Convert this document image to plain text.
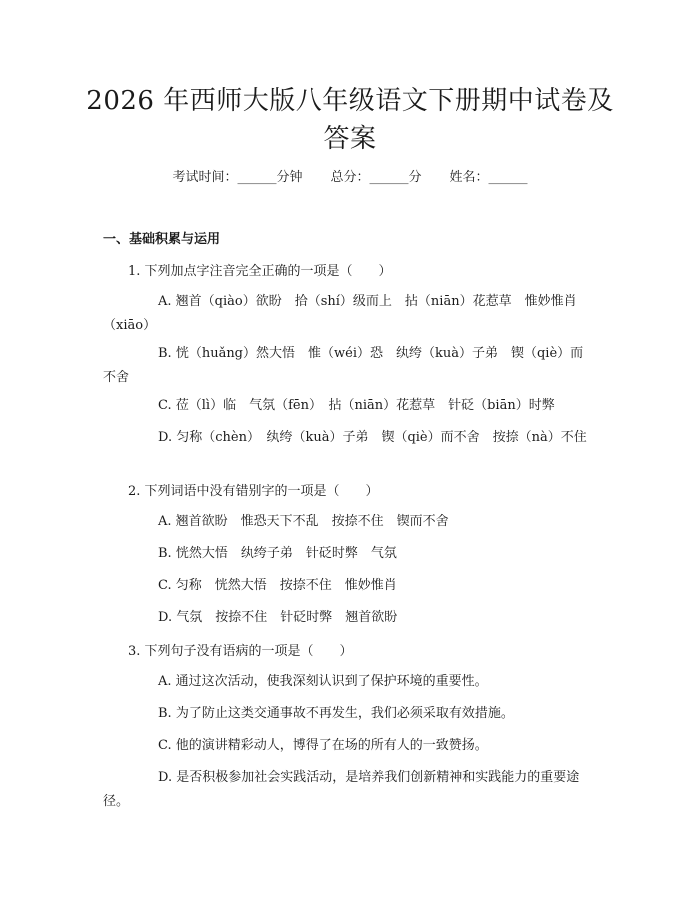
2026 年西师大版八年级语文下册期中试卷及答案
考试时间：______分钟 总分：______分 姓名：______
一、基础积累与运用
1. 下列加点字注音完全正确的一项是（　　）
A. 翘首（qiào）欲盼　拾（shí）级而上　拈（niān）花惹草　惟妙惟肖（xiāo）
B. 恍（huǎng）然大悟　惟（wéi）恐　纨绔（kuà）子弟　锲（qiè）而不舍
C. 莅（lì）临　气氛（fēn）　拈（niān）花惹草　针砭（biān）时弊
D. 匀称（chèn）　纨绔（kuà）子弟　锲（qiè）而不舍　按捺（nà）不住
2. 下列词语中没有错别字的一项是（　　）
A. 翘首欲盼　惟恐天下不乱　按捺不住　锲而不舍
B. 恍然大悟　纨绔子弟　针砭时弊　气氛
C. 匀称　恍然大悟　按捺不住　惟妙惟肖
D. 气氛　按捺不住　针砭时弊　翘首欲盼
3. 下列句子没有语病的一项是（　　）
A. 通过这次活动，使我深刻认识到了保护环境的重要性。
B. 为了防止这类交通事故不再发生，我们必须采取有效措施。
C. 他的演讲精彩动人，博得了在场的所有人的一致赞扬。
D. 是否积极参加社会实践活动，是培养我们创新精神和实践能力的重要途径。
